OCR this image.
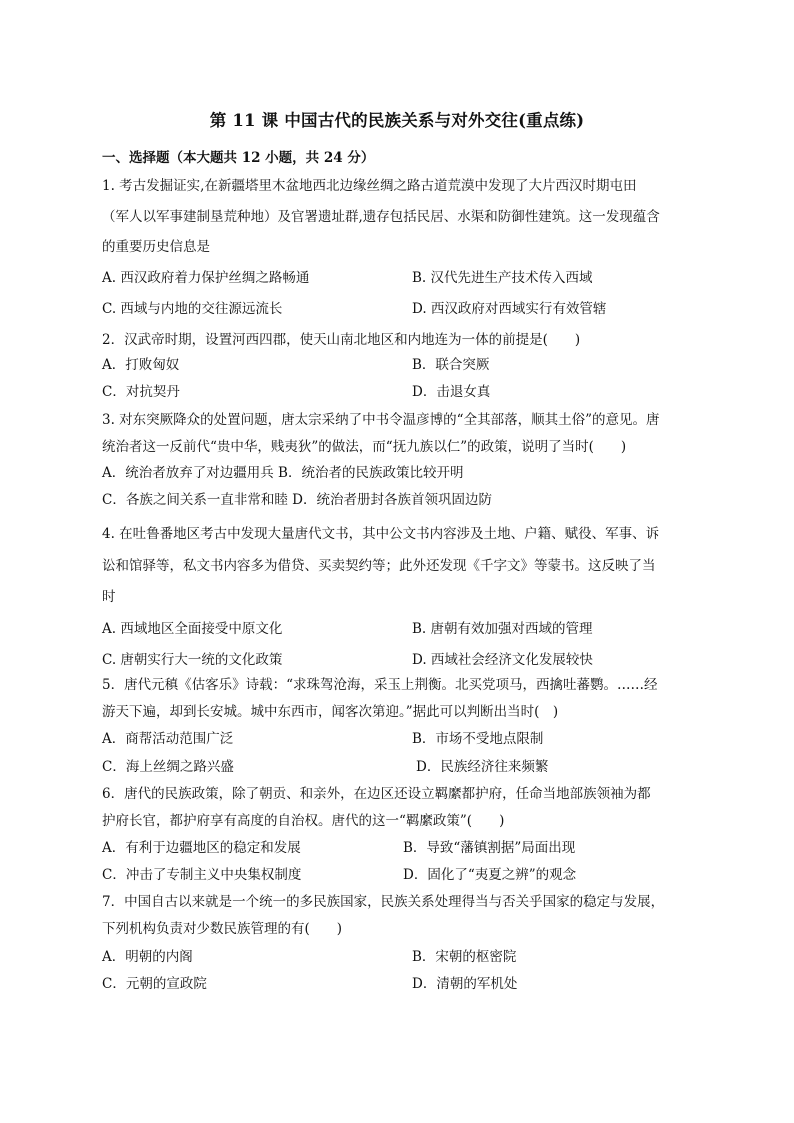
第 11 课 中国古代的民族关系与对外交往(重点练)
一、选择题（本大题共 12 小题，共 24 分）
1. 考古发掘证实,在新疆塔里木盆地西北边缘丝绸之路古道荒漠中发现了大片西汉时期屯田
（军人以军事建制垦荒种地）及官署遗址群,遗存包括民居、水渠和防御性建筑。这一发现蕴含
的重要历史信息是
A. 西汉政府着力保护丝绸之路畅通	B. 汉代先进生产技术传入西域
C. 西域与内地的交往源远流长	D. 西汉政府对西域实行有效管辖
2．汉武帝时期，设置河西四郡，使天山南北地区和内地连为一体的前提是(　　)
A．打败匈奴	B．联合突厥
C．对抗契丹	D．击退女真
3. 对东突厥降众的处置问题，唐太宗采纳了中书令温彦博的“全其部落，顺其土俗”的意见。唐
统治者这一反前代“贵中华，贱夷狄”的做法，而“抚九族以仁”的政策，说明了当时(　　)
A．统治者放弃了对边疆用兵 B．统治者的民族政策比较开明
C．各族之间关系一直非常和睦 D．统治者册封各族首领巩固边防
4. 在吐鲁番地区考古中发现大量唐代文书，其中公文书内容涉及土地、户籍、赋役、军事、诉
讼和馆驿等，私文书内容多为借贷、买卖契约等；此外还发现《千字文》等蒙书。这反映了当
时
A. 西域地区全面接受中原文化	B. 唐朝有效加强对西域的管理
C. 唐朝实行大一统的文化政策	D. 西域社会经济文化发展较快
5．唐代元稹《估客乐》诗载：“求珠驾沧海，采玉上荆衡。北买党项马，西擒吐蕃鹦。……经
游天下遍，却到长安城。城中东西市，闻客次第迎。”据此可以判断出当时(　)
A．商帮活动范围广泛	B．市场不受地点限制
C．海上丝绸之路兴盛	D．民族经济往来频繁
6．唐代的民族政策，除了朝贡、和亲外，在边区还设立羁縻都护府，任命当地部族领袖为都
护府长官，都护府享有高度的自治权。唐代的这一“羁縻政策”(　　)
A．有利于边疆地区的稳定和发展	B．导致“藩镇割据”局面出现
C．冲击了专制主义中央集权制度	D．固化了“夷夏之辨”的观念
7．中国自古以来就是一个统一的多民族国家，民族关系处理得当与否关乎国家的稳定与发展，
下列机构负责对少数民族管理的有(　　)
A．明朝的内阁	B．宋朝的枢密院
C．元朝的宣政院	D．清朝的军机处
